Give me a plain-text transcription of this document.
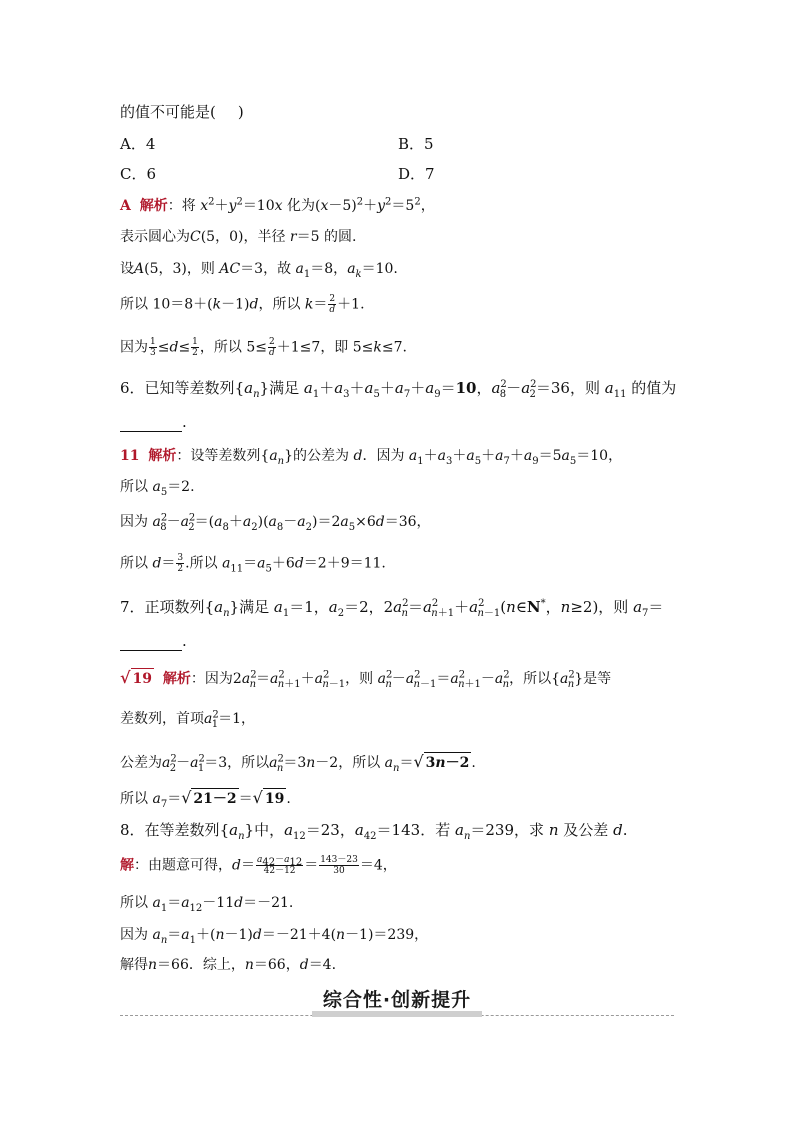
的值不可能是( )
A．4	B．5
C．6	D．7
A 解析：将 $x^2+y^2=10x$ 化为$(x-5)^2+y^2=5^2$，
表示圆心为C(5，0)，半径 r＝5 的圆.
设A(5，3)，则 AC＝3，故 $a_1=8$，$a_k=10$.
所以 10＝8＋(k－1)d，所以 $k= \frac{2}{d} +1$.
因为 $\frac{1}{3} \le d\le \frac{1}{2}$ ，所以 $5\le \frac{2}{d} +1\le 7$，即 5≤k≤7.
6．已知等差数列$\{a_n\}$满足 $a_1+a_3+a_5+a_7+a_9=10$，$a^2_8-a^2_2=36$，则 $a_{11}$ 的值为
.
11 解析：设等差数列$\{a_n\}$的公差为 d．因为 $a_1+a_3+a_5+a_7+a_9=5a_5=10$，
所以 $a_5=2$.
因为 $a^2_8-a^2_2=(a_8+a_2)(a_8-a_2)=2a_5\times 6d=36$，
所以 $d= \frac{3}{2}$ .所以 $a_{11}=a_5+6d=2+9=11$.
7．正项数列$\{a_n\}$满足 $a_1=1$，$a_2=2$，$2a^2_n=a^2_{n+1}+a^2_{n-1}(n\in N^*$，n≥2)，则 $a_7=$
.
√ 19 解析：因为$2a^2_n=a^2_{n+1}+a^2_{n-1}$，则 $a^2_n-a^2_{n-1}=a^2_{n+1}-a^2_n$，所以$\{a^2_n\}$是等
差数列，首项$a^2_1=1$，
公差为$a^2_2-a^2_1=3$，所以$a^2_n=3n-2$，所以 $a_n=√$ 3n－2 .
所以 $a_7=√$ 21－2 ＝√ 19 .
8．在等差数列$\{a_n\}$中，$a_{12}=23$，$a_{42}=143$．若 $a_n=239$，求 n 及公差 d.
解：由题意可得，$d= \frac{a_{42}-a_{12}}{42-12} = \frac{143-23}{30} =4$，
所以 $a_1=a_{12}-11d=-21$.
因为 $a_n=a_1+(n-1)d=-21+4(n-1)=239$，
解得n＝66．综上，n＝66，d＝4.
综合性·创新提升
